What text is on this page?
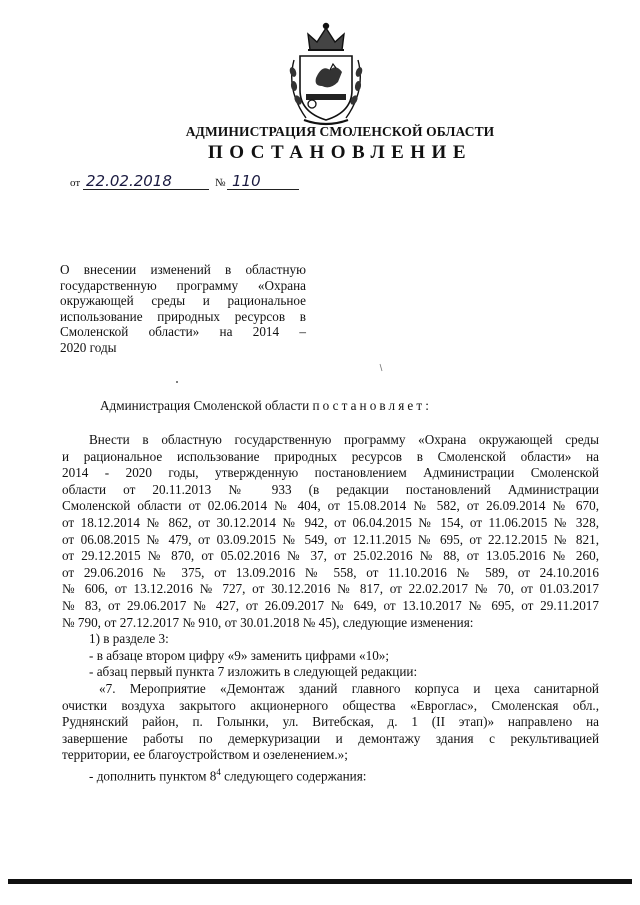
АДМИНИСТРАЦИЯ СМОЛЕНСКОЙ ОБЛАСТИ
ПОСТАНОВЛЕНИЕ
от 22.02.2018	№ 110
О внесении изменений в областную
государственную программу «Охрана
окружающей среды и рациональное
использование природных ресурсов в
Смоленской области» на 2014 –
2020 годы
Администрация Смоленской области постановляет:
Внести в областную государственную программу «Охрана окружающей среды
и рациональное использование природных ресурсов в Смоленской области» на
2014 - 2020 годы, утвержденную постановлением Администрации Смоленской
области от 20.11.2013 № 933 (в редакции постановлений Администрации
Смоленской области от 02.06.2014 № 404, от 15.08.2014 № 582, от 26.09.2014 № 670,
от 18.12.2014 № 862, от 30.12.2014 № 942, от 06.04.2015 № 154, от 11.06.2015 № 328,
от 06.08.2015 № 479, от 03.09.2015 № 549, от 12.11.2015 № 695, от 22.12.2015 № 821,
от 29.12.2015 № 870, от 05.02.2016 № 37, от 25.02.2016 № 88, от 13.05.2016 № 260,
от 29.06.2016 № 375, от 13.09.2016 № 558, от 11.10.2016 № 589, от 24.10.2016
№ 606, от 13.12.2016 № 727, от 30.12.2016 № 817, от 22.02.2017 № 70, от 01.03.2017
№ 83, от 29.06.2017 № 427, от 26.09.2017 № 649, от 13.10.2017 № 695, от 29.11.2017
№ 790, от 27.12.2017 № 910, от 30.01.2018 № 45), следующие изменения:
1) в разделе 3:
- в абзаце втором цифру «9» заменить цифрами «10»;
- абзац первый пункта 7 изложить в следующей редакции:
«7. Мероприятие «Демонтаж зданий главного корпуса и цеха санитарной
очистки воздуха закрытого акционерного общества «Евроглас», Смоленская обл.,
Руднянский район, п. Голынки, ул. Витебская, д. 1 (II этап)» направлено на
завершение работы по демеркуризации и демонтажу здания с рекультивацией
территории, ее благоустройством и озеленением.»;
- дополнить пунктом $8^4$ следующего содержания:
